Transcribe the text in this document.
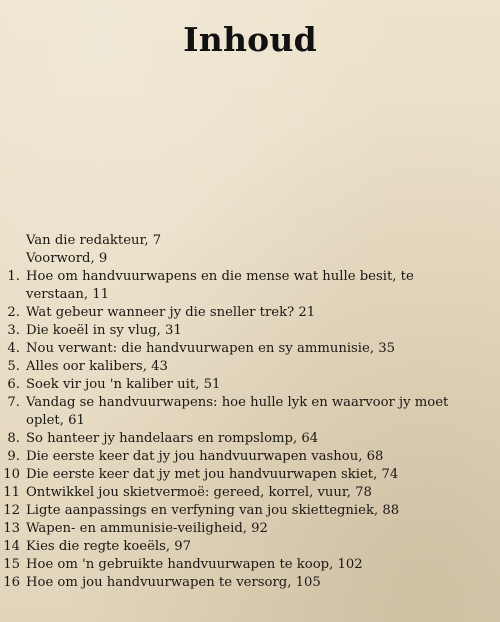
Inhoud
Van die redakteur, 7
Voorword, 9
1. Hoe om handvuurwapens en die mense wat hulle besit, te verstaan, 11
2. Wat gebeur wanneer jy die sneller trek? 21
3. Die koeël in sy vlug, 31
4. Nou verwant: die handvuurwapen en sy ammunisie, 35
5. Alles oor kalibers, 43
6. Soek vir jou 'n kaliber uit, 51
7. Vandag se handvuurwapens: hoe hulle lyk en waarvoor jy moet oplet, 61
8. So hanteer jy handelaars en rompslomp, 64
9. Die eerste keer dat jy jou handvuurwapen vashou, 68
10 Die eerste keer dat jy met jou handvuurwapen skiet, 74
11 Ontwikkel jou skietvermoë: gereed, korrel, vuur, 78
12 Ligte aanpassings en verfyning van jou skiettegniek, 88
13 Wapen- en ammunisie-veiligheid, 92
14 Kies die regte koeëls, 97
15 Hoe om 'n gebruikte handvuurwapen te koop, 102
16 Hoe om jou handvuurwapen te versorg, 105
